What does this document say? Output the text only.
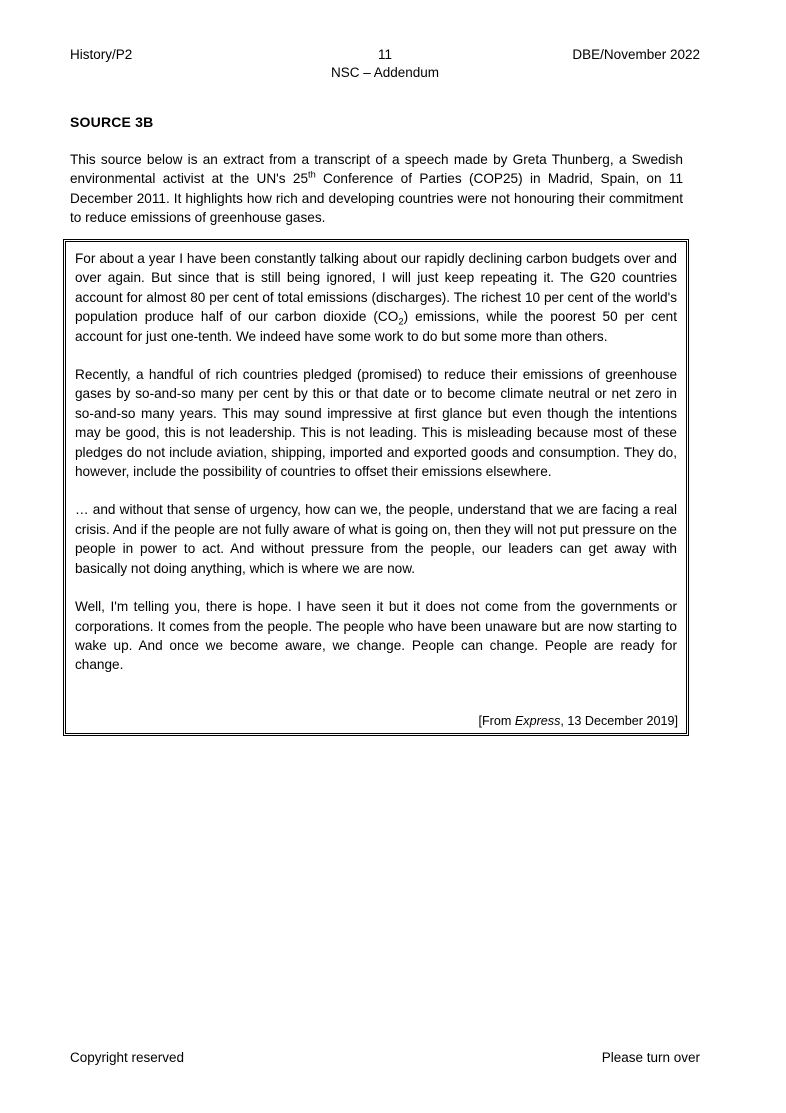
History/P2	11
NSC – Addendum
DBE/November 2022
SOURCE 3B
This source below is an extract from a transcript of a speech made by Greta Thunberg, a Swedish environmental activist at the UN's 25th Conference of Parties (COP25) in Madrid, Spain, on 11 December 2011. It highlights how rich and developing countries were not honouring their commitment to reduce emissions of greenhouse gases.

For about a year I have been constantly talking about our rapidly declining carbon budgets over and over again. But since that is still being ignored, I will just keep repeating it. The G20 countries account for almost 80 per cent of total emissions (discharges). The richest 10 per cent of the world's population produce half of our carbon dioxide $(CO_2)$ emissions, while the poorest 50 per cent account for just one-tenth. We indeed have some work to do but some more than others.

Recently, a handful of rich countries pledged (promised) to reduce their emissions of greenhouse gases by so-and-so many per cent by this or that date or to become climate neutral or net zero in so-and-so many years. This may sound impressive at first glance but even though the intentions may be good, this is not leadership. This is not leading. This is misleading because most of these pledges do not include aviation, shipping, imported and exported goods and consumption. They do, however, include the possibility of countries to offset their emissions elsewhere.

… and without that sense of urgency, how can we, the people, understand that we are facing a real crisis. And if the people are not fully aware of what is going on, then they will not put pressure on the people in power to act. And without pressure from the people, our leaders can get away with basically not doing anything, which is where we are now.

Well, I'm telling you, there is hope. I have seen it but it does not come from the governments or corporations. It comes from the people. The people who have been unaware but are now starting to wake up. And once we become aware, we change. People can change. People are ready for change.

[From Express, 13 December 2019]
Copyright reserved	Please turn over
